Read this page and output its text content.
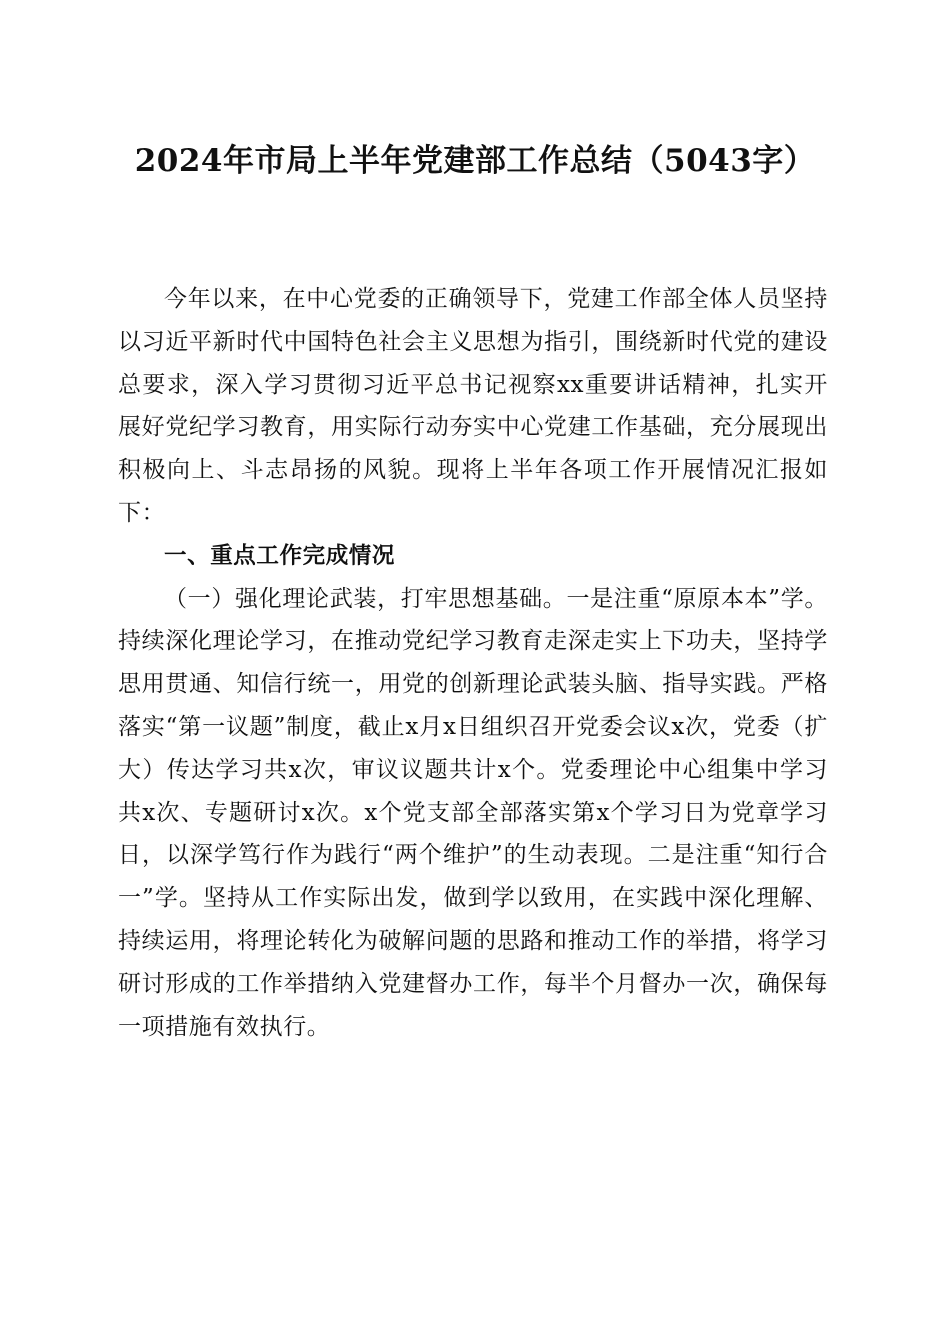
2024年市局上半年党建部工作总结（5043字）

今年以来，在中心党委的正确领导下，党建工作部全体人员坚持以习近平新时代中国特色社会主义思想为指引，围绕新时代党的建设总要求，深入学习贯彻习近平总书记视察xx重要讲话精神，扎实开展好党纪学习教育，用实际行动夯实中心党建工作基础，充分展现出积极向上、斗志昂扬的风貌。现将上半年各项工作开展情况汇报如下：

一、重点工作完成情况

（一）强化理论武装，打牢思想基础。一是注重“原原本本”学。持续深化理论学习，在推动党纪学习教育走深走实上下功夫，坚持学思用贯通、知信行统一，用党的创新理论武装头脑、指导实践。严格落实“第一议题”制度，截止x月x日组织召开党委会议x次，党委（扩大）传达学习共x次，审议议题共计x个。党委理论中心组集中学习共x次、专题研讨x次。x个党支部全部落实第x个学习日为党章学习日，以深学笃行作为践行“两个维护”的生动表现。二是注重“知行合一”学。坚持从工作实际出发，做到学以致用，在实践中深化理解、持续运用，将理论转化为破解问题的思路和推动工作的举措，将学习研讨形成的工作举措纳入党建督办工作，每半个月督办一次，确保每一项措施有效执行。
